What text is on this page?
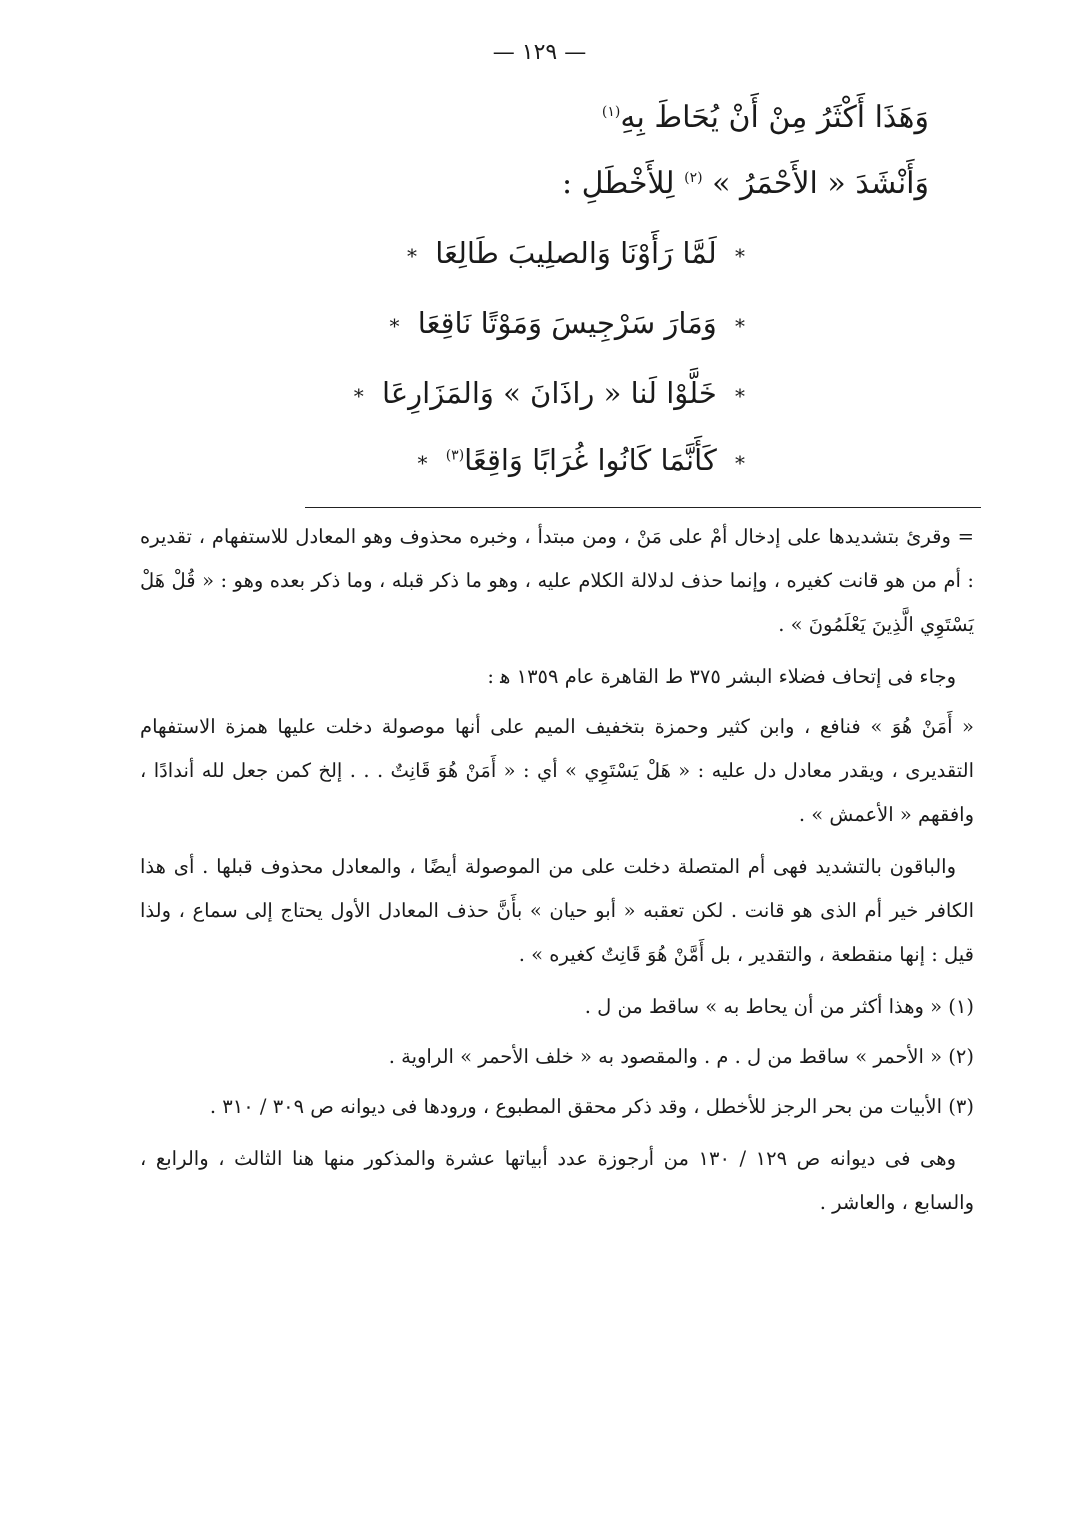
— ١٢٩ —
وَهَذَا أَكْثَرُ مِنْ أَنْ يُحَاطَ بِهِ$^{(١)}$
وَأَنْشَدَ « الأَحْمَرُ » $^{(٢)}$ لِلأَخْطَلِ :
* لَمَّا رَأَوْنَا وَالصلِيبَ طَالِعَا *
* وَمَارَ سَرْجِيسَ وَمَوْتًا نَاقِعَا *
* خَلَّوْا لَنا « راذَانَ » وَالمَزَارِعَا *
* كَأَنَّمَا كَانُوا غُرَابًا وَاقِعًا$^{(٣)}$ *

= وقرئ بتشديدها على إدخال أمْ على مَنْ ، ومن مبتدأ ، وخبره محذوف وهو المعادل للاستفهام ، تقديره : أم من هو قانت كغيره ، وإنما حذف لدلالة الكلام عليه ، وهو ما ذكر قبله ، وما ذكر بعده وهو : « قُلْ هَلْ يَسْتَوِي الَّذِينَ يَعْلَمُونَ » .

وجاء فى إتحاف فضلاء البشر ٣٧٥ ط القاهرة عام ١٣٥٩ ﻫ :

« أَمَنْ هُوَ » فنافع ، وابن كثير وحمزة بتخفيف الميم على أنها موصولة دخلت عليها همزة الاستفهام التقديرى ، ويقدر معادل دل عليه : « هَلْ يَسْتَوِي » أي : « أَمَنْ هُوَ قَانِتٌ . . . إلخ كمن جعل لله أندادًا ، وافقهم « الأعمش » .

والباقون بالتشديد فهى أم المتصلة دخلت على من الموصولة أيضًا ، والمعادل محذوف قبلها . أى هذا الكافر خير أم الذى هو قانت . لكن تعقبه « أبو حيان » بأَنَّ حذف المعادل الأول يحتاج إلى سماع ، ولذا قيل : إنها منقطعة ، والتقدير ، بل أَمَّنْ هُوَ قَانِتٌ كغيره » .

(١) « وهذا أكثر من أن يحاط به » ساقط من ل .

(٢) « الأحمر » ساقط من ل . م . والمقصود به « خلف الأحمر » الراوية .

(٣) الأبيات من بحر الرجز للأخطل ، وقد ذكر محقق المطبوع ، ورودها فى ديوانه ص ٣٠٩ / ٣١٠ .

وهى فى ديوانه ص ١٢٩ / ١٣٠ من أرجوزة عدد أبياتها عشرة والمذكور منها هنا الثالث ، والرابع ، والسابع ، والعاشر .
